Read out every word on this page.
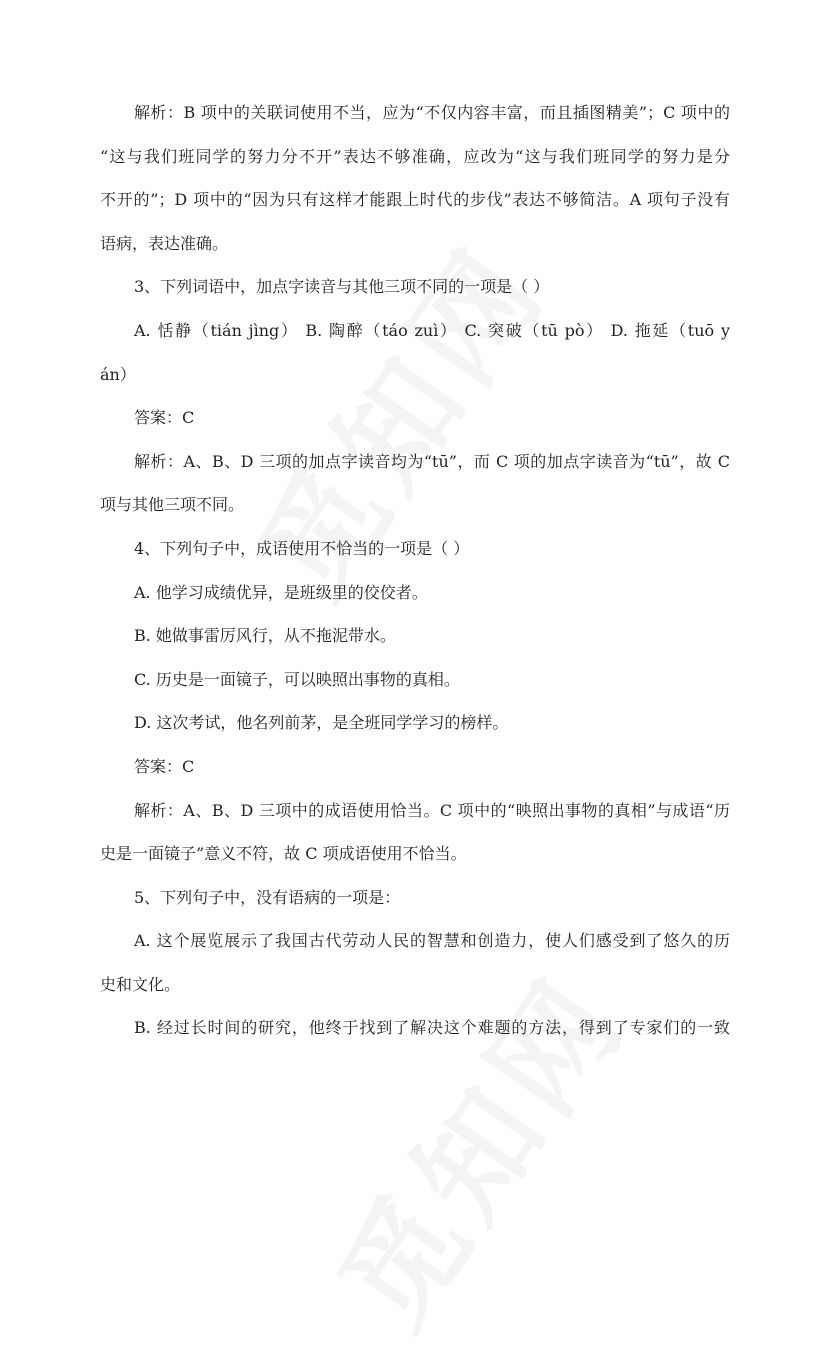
解析：B 项中的关联词使用不当，应为“不仅内容丰富，而且插图精美”；C 项中的
“这与我们班同学的努力分不开”表达不够准确，应改为“这与我们班同学的努力是分
不开的”；D 项中的“因为只有这样才能跟上时代的步伐”表达不够简洁。A 项句子没有
语病，表达准确。
3、下列词语中，加点字读音与其他三项不同的一项是（ ）
A. 恬静（tián jìng） B. 陶醉（táo zuì） C. 突破（tū pò） D. 拖延（tuō y
án）
答案：C
解析：A、B、D 三项的加点字读音均为“tū”，而 C 项的加点字读音为“tū”，故 C
项与其他三项不同。
4、下列句子中，成语使用不恰当的一项是（ ）
A. 他学习成绩优异，是班级里的佼佼者。
B. 她做事雷厉风行，从不拖泥带水。
C. 历史是一面镜子，可以映照出事物的真相。
D. 这次考试，他名列前茅，是全班同学学习的榜样。
答案：C
解析：A、B、D 三项中的成语使用恰当。C 项中的“映照出事物的真相”与成语“历
史是一面镜子”意义不符，故 C 项成语使用不恰当。
5、下列句子中，没有语病的一项是：
A. 这个展览展示了我国古代劳动人民的智慧和创造力，使人们感受到了悠久的历
史和文化。
B. 经过长时间的研究，他终于找到了解决这个难题的方法，得到了专家们的一致
